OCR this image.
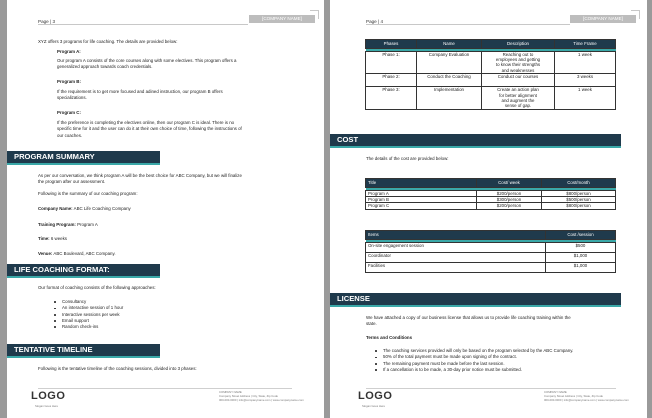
Page | 3
[COMPANY NAME]
XYZ offers 3 programs for life coaching. The details are provided below:
Program A:
Our program A consists of the core courses along with some electives. This program offers a
generalized approach towards coach credentials.
Program B:
If the requirement is to get more focused and adined instruction, our program B offers
specializations.
Program C:
If the preference is completing the electives online, then our program C is ideal. There is no
specific time for it and the user can do it at their own choice of time, following the instructions of
our coaches.
PROGRAM SUMMARY
As per our conversation, we think program A will be the best choice for ABC Company, but we will finalize
the program after our assessment.
Following is the summary of our coaching program:
Company Name: ABC Life Coaching Company
Training Program: Program A
Time: 6 weeks
Venue: ABC Boulevard, ABC Company.
LIFE COACHING FORMAT:
Our format of coaching consists of the following approaches:
Consultancy
An interactive session of 1 hour
Interactive sessions per week
Email support
Random check-ins
TENTATIVE TIMELINE
Following is the tentative timeline of the coaching sessions, divided into 3 phases:
LOGO
Slogan Goes Here
COMPANY NAME
Company Street Address | City, State, Zip Code
000-000-0000 | info@companyname.com | www.companyname.com
Page | 4
[COMPANY NAME]
Phases	Name	Description	Time Frame

Phase 1:	Company Evaluation	Reaching out to
employees and getting
to know their strengths
and weaknesses	1 week
Phase 2:	Conduct the Coaching	Conduct our courses	3 weeks
Phase 3:	Implementation	Create an action plan
for better alignment
and augment the
sense of gap.	1 week
COST
The details of the cost are provided below:
Title	Cost/ week	Cost/month

Program A	$200/person	$800/person
Program B	$300/person	$500/person
Program C	$200/person	$800/person
Items	Cost /session

On-site engagement session	$500
Coordinator	$1,000
Facilities	$1,000
LICENSE
We have attached a copy of our business license that allows us to provide life coaching training within the
state.
Terms and Conditions
The coaching services provided will only be based on the program selected by the ABC Company.
50% of the total payment must be made upon signing of the contract.
The remaining payment must be made before the last session.
If a cancellation is to be made, a 30-day prior notice must be submitted.
LOGO
Slogan Goes Here
COMPANY NAME
Company Street Address | City, State, Zip Code
000-000-0000 | info@companyname.com | www.companyname.com
